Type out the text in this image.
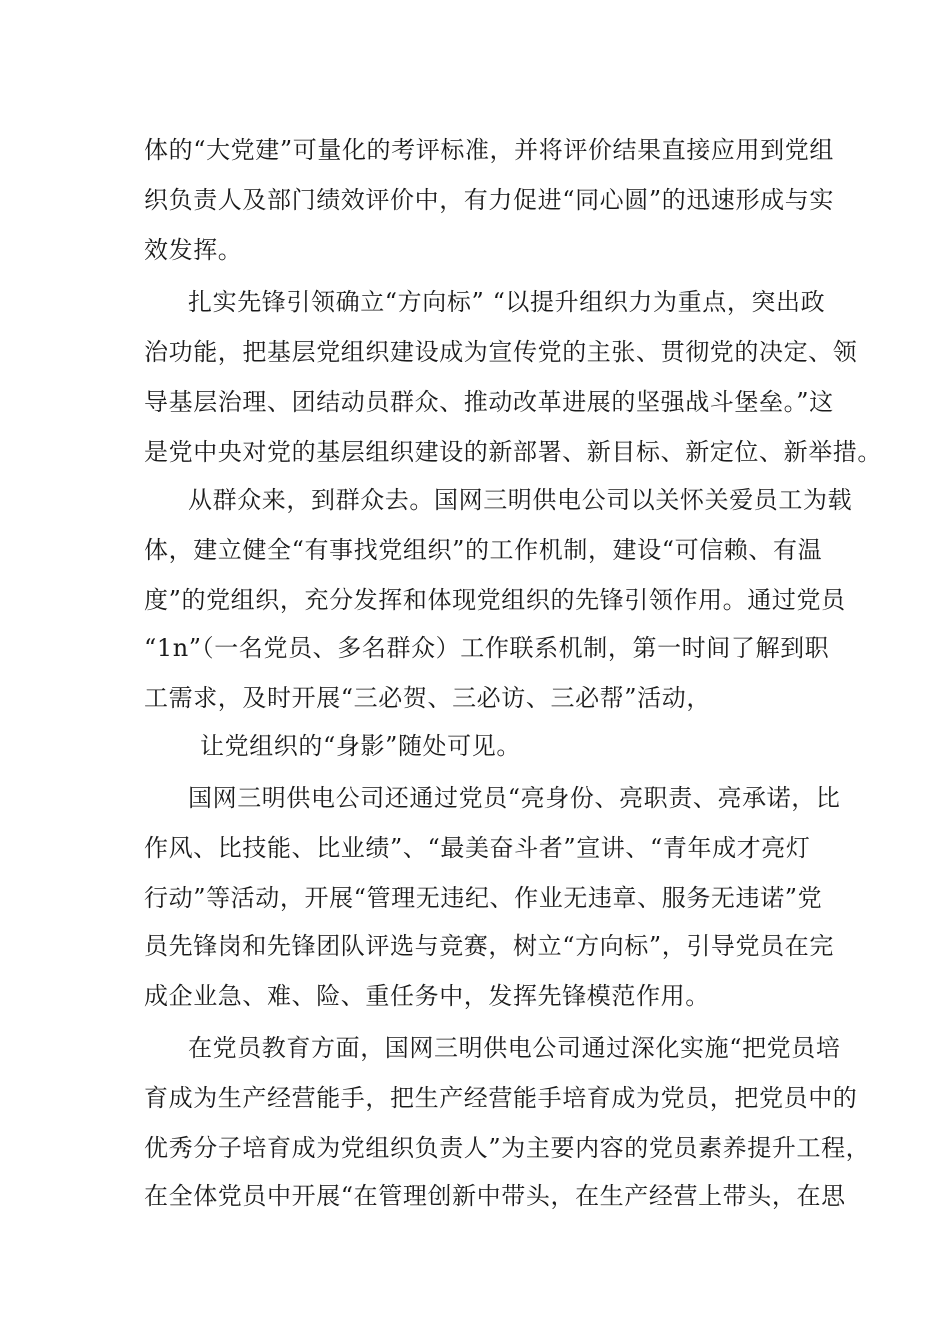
体的“大党建”可量化的考评标准，并将评价结果直接应用到党组
织负责人及部门绩效评价中，有力促进“同心圆”的迅速形成与实
效发挥。
扎实先锋引领确立“方向标” “以提升组织力为重点，突出政
治功能，把基层党组织建设成为宣传党的主张、贯彻党的决定、领
导基层治理、团结动员群众、推动改革进展的坚强战斗堡垒。”这
是党中央对党的基层组织建设的新部署、新目标、新定位、新举措。
从群众来，到群众去。国网三明供电公司以关怀关爱员工为载
体，建立健全“有事找党组织”的工作机制，建设“可信赖、有温
度”的党组织，充分发挥和体现党组织的先锋引领作用。通过党员
“1n”（一名党员、多名群众）工作联系机制，第一时间了解到职
工需求，及时开展“三必贺、三必访、三必帮”活动，
让党组织的“身影”随处可见。
国网三明供电公司还通过党员“亮身份、亮职责、亮承诺，比
作风、比技能、比业绩”、“最美奋斗者”宣讲、“青年成才亮灯
行动”等活动，开展“管理无违纪、作业无违章、服务无违诺”党
员先锋岗和先锋团队评选与竞赛，树立“方向标”，引导党员在完
成企业急、难、险、重任务中，发挥先锋模范作用。
在党员教育方面，国网三明供电公司通过深化实施“把党员培
育成为生产经营能手，把生产经营能手培育成为党员，把党员中的
优秀分子培育成为党组织负责人”为主要内容的党员素养提升工程，
在全体党员中开展“在管理创新中带头，在生产经营上带头，在思
